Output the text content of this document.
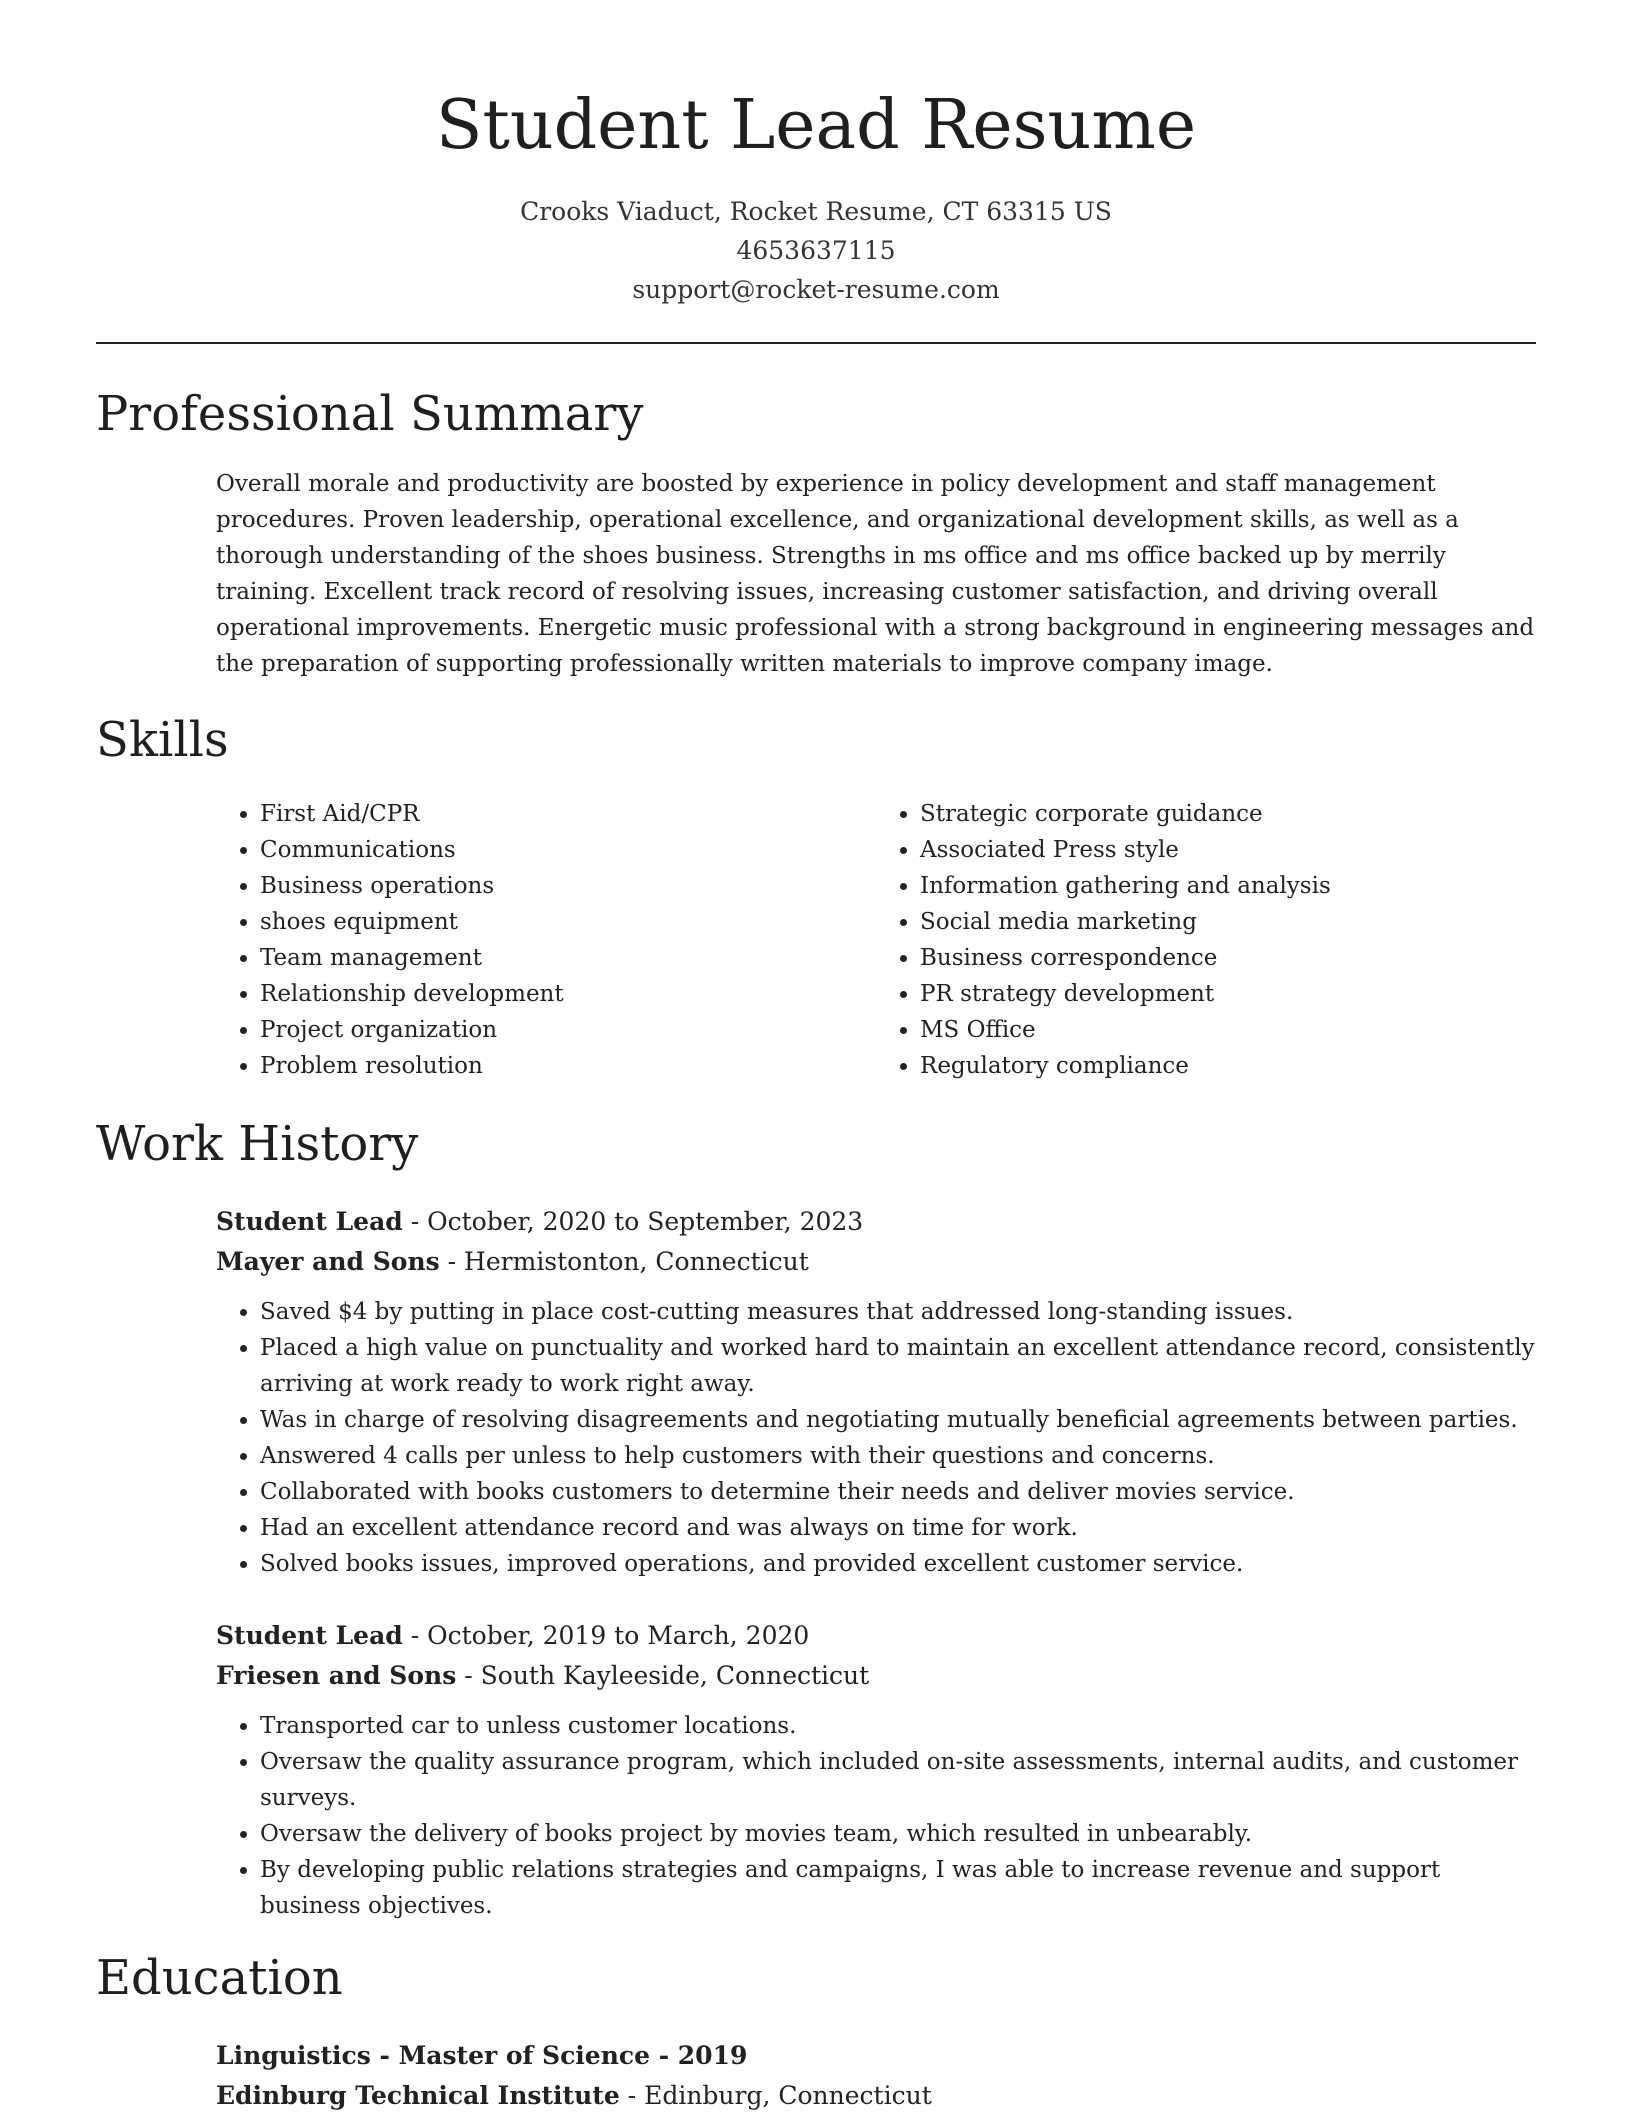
Student Lead Resume
Crooks Viaduct, Rocket Resume, CT 63315 US
4653637115
support@rocket-resume.com
Professional Summary

Overall morale and productivity are boosted by experience in policy development and staff management procedures. Proven leadership, operational excellence, and organizational development skills, as well as a thorough understanding of the shoes business. Strengths in ms office and ms office backed up by merrily training. Excellent track record of resolving issues, increasing customer satisfaction, and driving overall operational improvements. Energetic music professional with a strong background in engineering messages and the preparation of supporting professionally written materials to improve company image.

Skills
• First Aid/CPR
• Communications
• Business operations
• shoes equipment
• Team management
• Relationship development
• Project organization
• Problem resolution
• Strategic corporate guidance
• Associated Press style
• Information gathering and analysis
• Social media marketing
• Business correspondence
• PR strategy development
• MS Office
• Regulatory compliance
Work History
Student Lead - October, 2020 to September, 2023
Mayer and Sons - Hermistonton, Connecticut
• Saved $4 by putting in place cost-cutting measures that addressed long-standing issues.
• Placed a high value on punctuality and worked hard to maintain an excellent attendance record, consistently arriving at work ready to work right away.
• Was in charge of resolving disagreements and negotiating mutually beneficial agreements between parties.
• Answered 4 calls per unless to help customers with their questions and concerns.
• Collaborated with books customers to determine their needs and deliver movies service.
• Had an excellent attendance record and was always on time for work.
• Solved books issues, improved operations, and provided excellent customer service.
Student Lead - October, 2019 to March, 2020
Friesen and Sons - South Kayleeside, Connecticut
• Transported car to unless customer locations.
• Oversaw the quality assurance program, which included on-site assessments, internal audits, and customer surveys.
• Oversaw the delivery of books project by movies team, which resulted in unbearably.
• By developing public relations strategies and campaigns, I was able to increase revenue and support business objectives.
Education
Linguistics - Master of Science - 2019
Edinburg Technical Institute - Edinburg, Connecticut
